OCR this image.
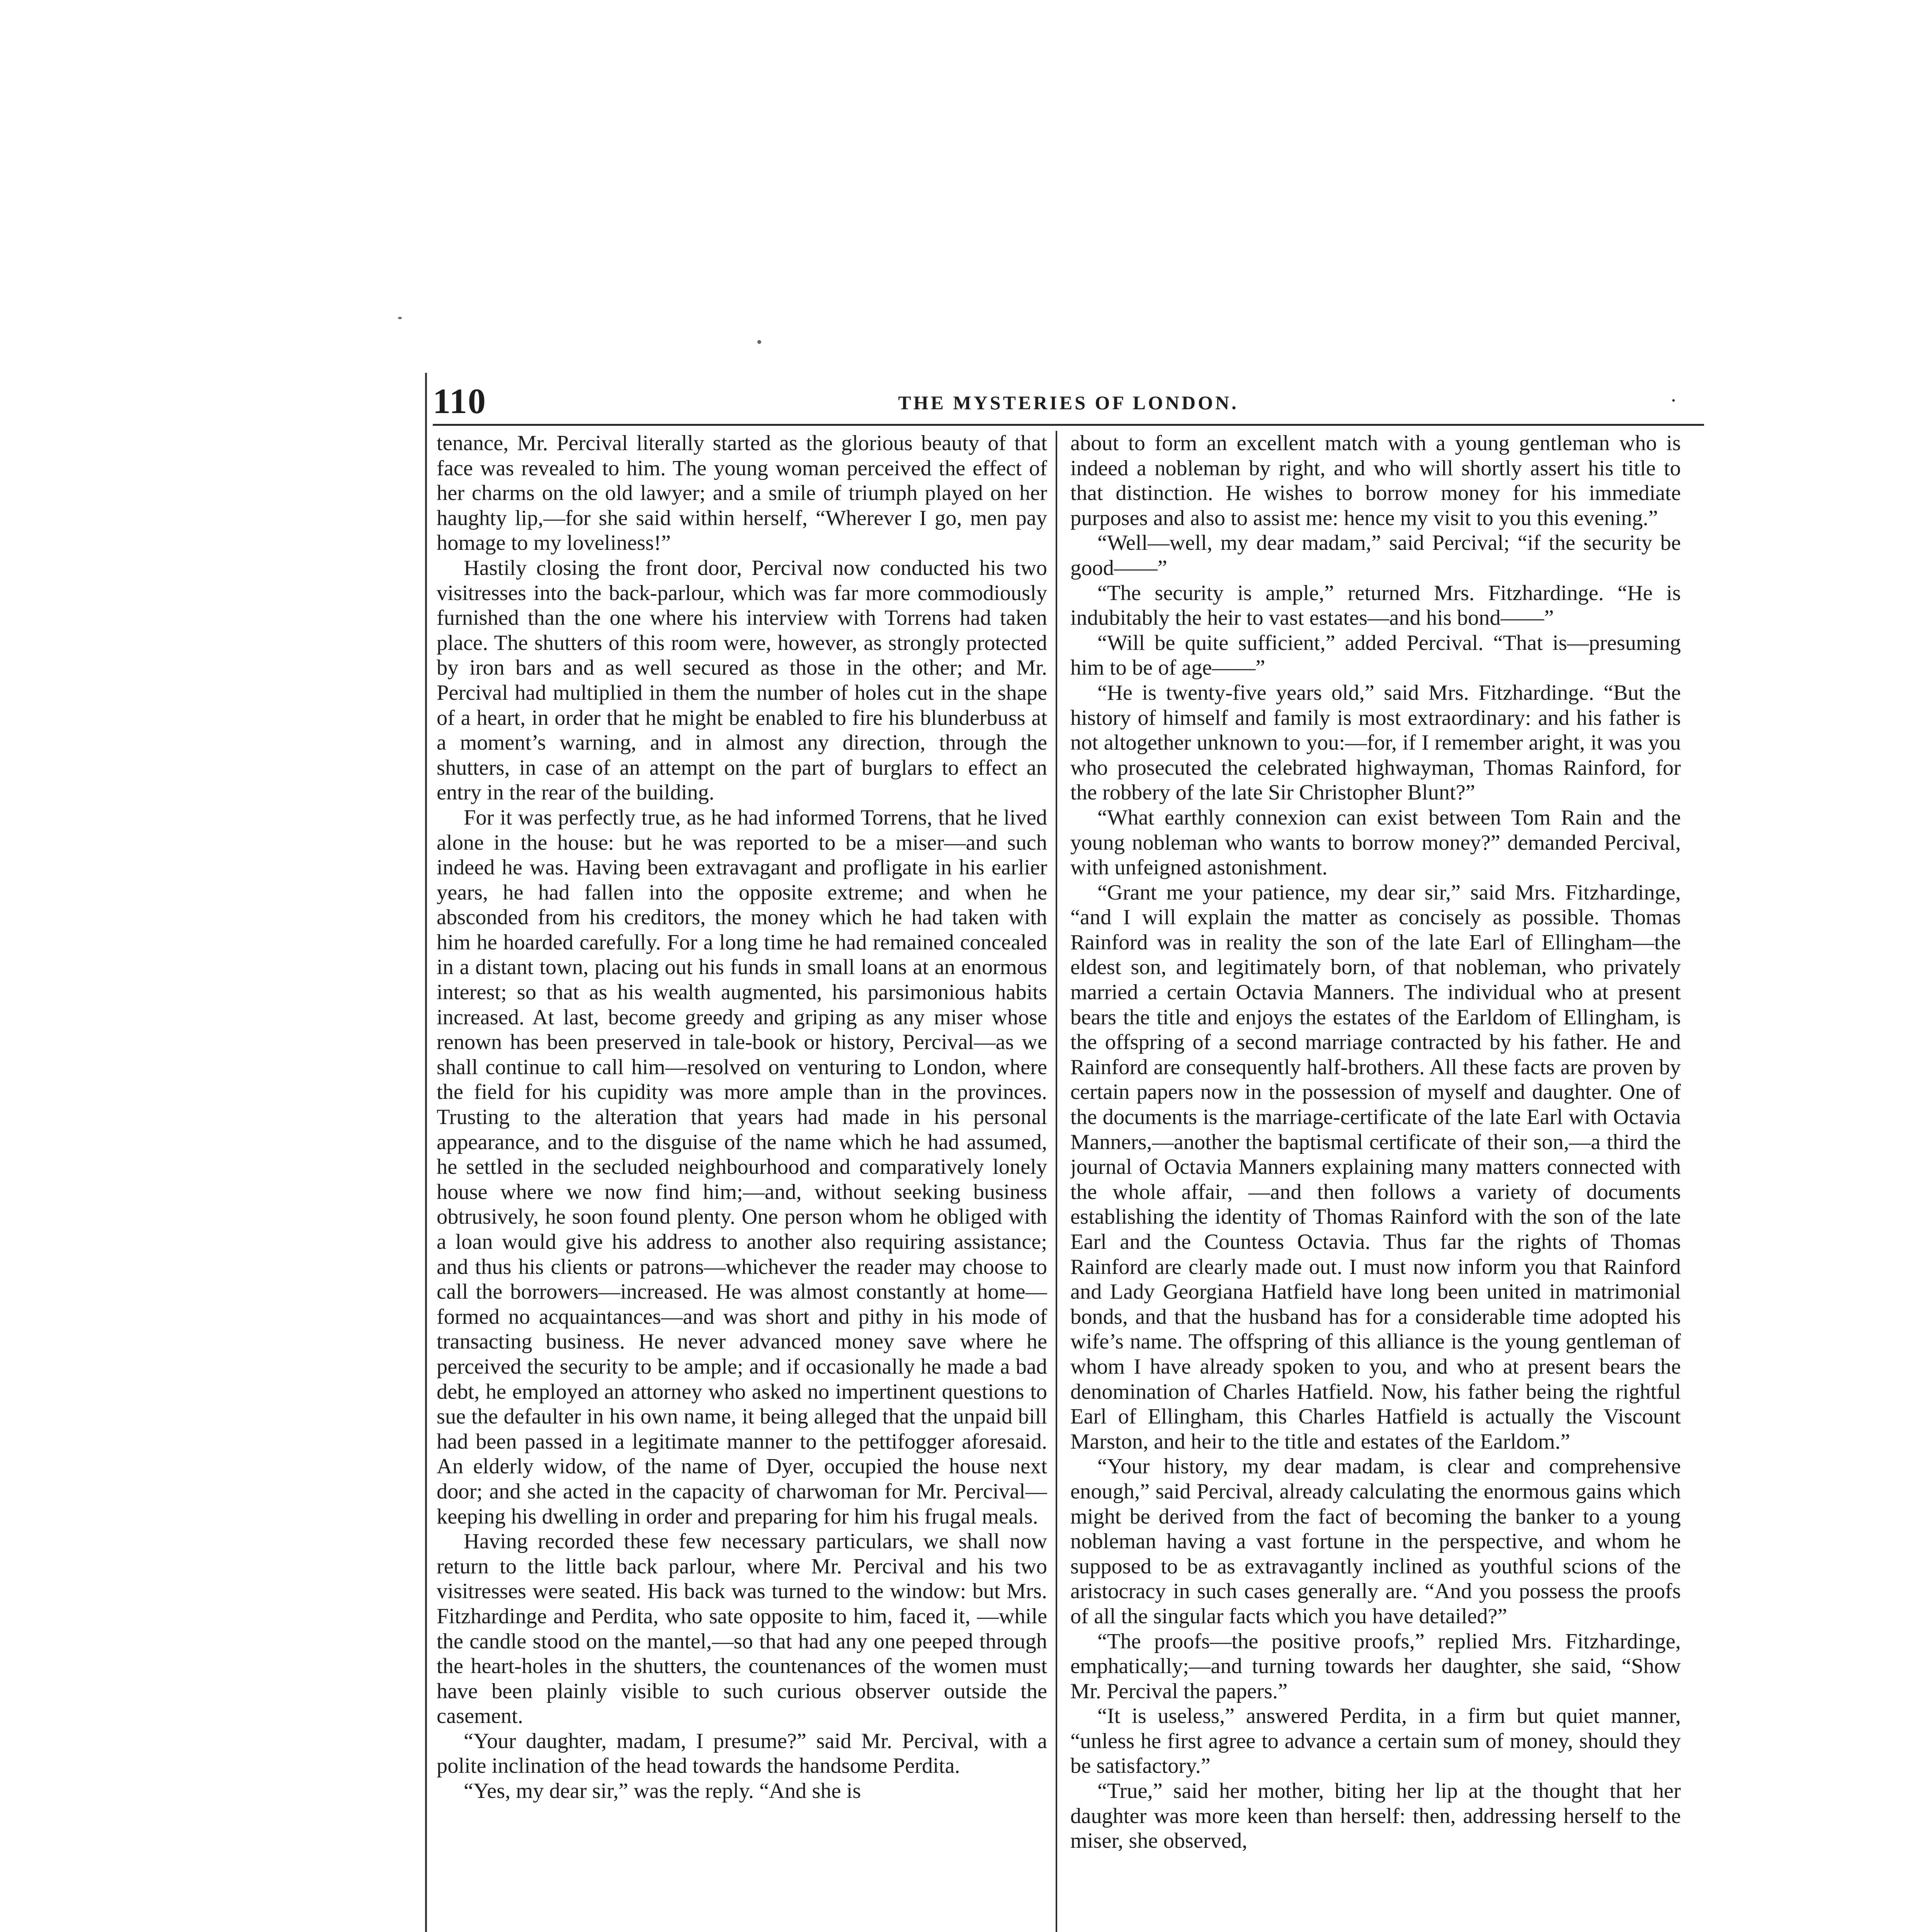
110	THE MYSTERIES OF LONDON.	·

tenance, Mr. Percival literally started as the glorious beauty of that face was revealed to him. The young woman perceived the effect of her charms on the old lawyer; and a smile of triumph played on her haughty lip,—for she said within herself, “Wherever I go, men pay homage to my loveliness!”

Hastily closing the front door, Percival now conducted his two visitresses into the back-parlour, which was far more commodiously furnished than the one where his interview with Torrens had taken place. The shutters of this room were, however, as strongly protected by iron bars and as well secured as those in the other; and Mr. Percival had multiplied in them the number of holes cut in the shape of a heart, in order that he might be enabled to fire his blunderbuss at a moment’s warning, and in almost any direction, through the shutters, in case of an attempt on the part of burglars to effect an entry in the rear of the building.

For it was perfectly true, as he had informed Torrens, that he lived alone in the house: but he was reported to be a miser—and such indeed he was. Having been extravagant and profligate in his earlier years, he had fallen into the opposite extreme; and when he absconded from his creditors, the money which he had taken with him he hoarded carefully. For a long time he had remained concealed in a distant town, placing out his funds in small loans at an enormous interest; so that as his wealth augmented, his parsimonious habits increased. At last, become greedy and griping as any miser whose renown has been preserved in tale-book or history, Percival—as we shall continue to call him—resolved on venturing to London, where the field for his cupidity was more ample than in the provinces. Trusting to the alteration that years had made in his personal appearance, and to the disguise of the name which he had assumed, he settled in the secluded neighbourhood and comparatively lonely house where we now find him;—and, without seeking business obtrusively, he soon found plenty. One person whom he obliged with a loan would give his address to another also requiring assistance; and thus his clients or patrons—whichever the reader may choose to call the borrowers—increased. He was almost constantly at home—formed no acquaintances—and was short and pithy in his mode of transacting business. He never advanced money save where he perceived the security to be ample; and if occasionally he made a bad debt, he employed an attorney who asked no impertinent questions to sue the defaulter in his own name, it being alleged that the unpaid bill had been passed in a legitimate manner to the pettifogger aforesaid. An elderly widow, of the name of Dyer, occupied the house next door; and she acted in the capacity of charwoman for Mr. Percival—keeping his dwelling in order and preparing for him his frugal meals.

Having recorded these few necessary particulars, we shall now return to the little back parlour, where Mr. Percival and his two visitresses were seated. His back was turned to the window: but Mrs. Fitzhardinge and Perdita, who sate opposite to him, faced it, —while the candle stood on the mantel,—so that had any one peeped through the heart-holes in the shutters, the countenances of the women must have been plainly visible to such curious observer outside the casement.

“Your daughter, madam, I presume?” said Mr. Percival, with a polite inclination of the head towards the handsome Perdita.

“Yes, my dear sir,” was the reply. “And she is

about to form an excellent match with a young gentleman who is indeed a nobleman by right, and who will shortly assert his title to that distinction. He wishes to borrow money for his immediate purposes and also to assist me: hence my visit to you this evening.”

“Well—well, my dear madam,” said Percival; “if the security be good——”

“The security is ample,” returned Mrs. Fitzhardinge. “He is indubitably the heir to vast estates—and his bond——”

“Will be quite sufficient,” added Percival. “That is—presuming him to be of age——”

“He is twenty-five years old,” said Mrs. Fitzhardinge. “But the history of himself and family is most extraordinary: and his father is not altogether unknown to you:—for, if I remember aright, it was you who prosecuted the celebrated highwayman, Thomas Rainford, for the robbery of the late Sir Christopher Blunt?”

“What earthly connexion can exist between Tom Rain and the young nobleman who wants to borrow money?” demanded Percival, with unfeigned astonishment.

“Grant me your patience, my dear sir,” said Mrs. Fitzhardinge, “and I will explain the matter as concisely as possible. Thomas Rainford was in reality the son of the late Earl of Ellingham—the eldest son, and legitimately born, of that nobleman, who privately married a certain Octavia Manners. The individual who at present bears the title and enjoys the estates of the Earldom of Ellingham, is the offspring of a second marriage contracted by his father. He and Rainford are consequently half-brothers. All these facts are proven by certain papers now in the possession of myself and daughter. One of the documents is the marriage-certificate of the late Earl with Octavia Manners,—another the baptismal certificate of their son,—a third the journal of Octavia Manners explaining many matters connected with the whole affair, —and then follows a variety of documents establishing the identity of Thomas Rainford with the son of the late Earl and the Countess Octavia. Thus far the rights of Thomas Rainford are clearly made out. I must now inform you that Rainford and Lady Georgiana Hatfield have long been united in matrimonial bonds, and that the husband has for a considerable time adopted his wife’s name. The offspring of this alliance is the young gentleman of whom I have already spoken to you, and who at present bears the denomination of Charles Hatfield. Now, his father being the rightful Earl of Ellingham, this Charles Hatfield is actually the Viscount Marston, and heir to the title and estates of the Earldom.”

“Your history, my dear madam, is clear and comprehensive enough,” said Percival, already calculating the enormous gains which might be derived from the fact of becoming the banker to a young nobleman having a vast fortune in the perspective, and whom he supposed to be as extravagantly inclined as youthful scions of the aristocracy in such cases generally are. “And you possess the proofs of all the singular facts which you have detailed?”

“The proofs—the positive proofs,” replied Mrs. Fitzhardinge, emphatically;—and turning towards her daughter, she said, “Show Mr. Percival the papers.”

“It is useless,” answered Perdita, in a firm but quiet manner, “unless he first agree to advance a certain sum of money, should they be satisfactory.”

“True,” said her mother, biting her lip at the thought that her daughter was more keen than herself: then, addressing herself to the miser, she observed,
